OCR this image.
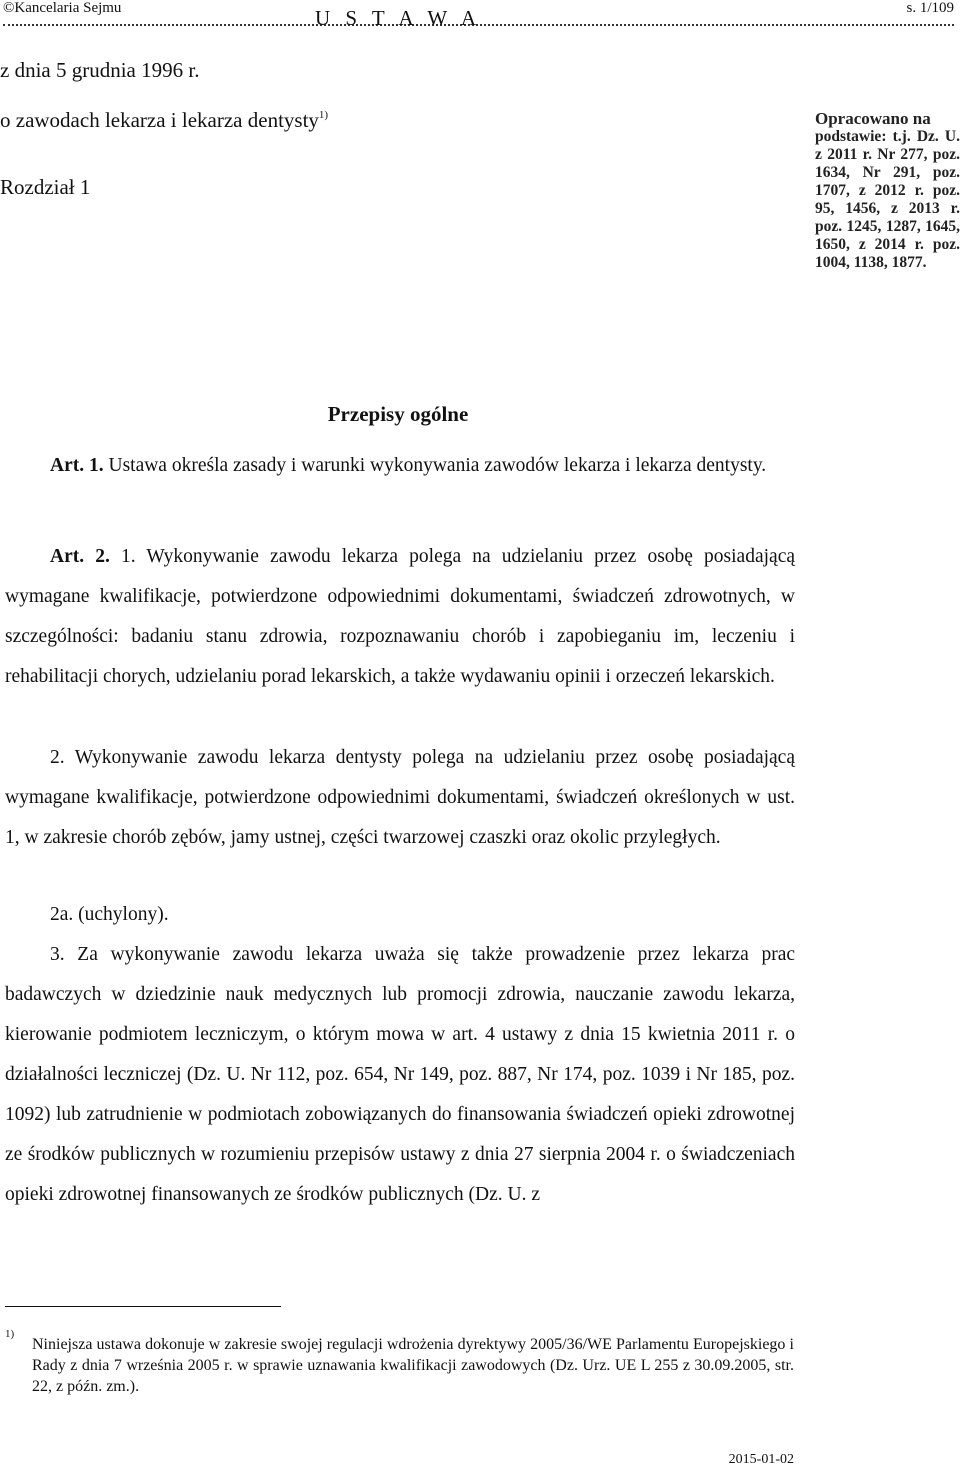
©Kancelaria Sejmu	s. 1/109
U S T A W A
z dnia 5 grudnia 1996 r.
o zawodach lekarza i lekarza dentysty$^{1)}$
Rozdział 1
Opracowano na
podstawie: t.j. Dz. U. z 2011 r. Nr 277, poz. 1634, Nr 291, poz. 1707, z 2012 r. poz. 95, 1456, z 2013 r. poz. 1245, 1287, 1645, 1650, z 2014 r. poz. 1004, 1138, 1877.
Przepisy ogólne

Art. 1. Ustawa określa zasady i warunki wykonywania zawodów lekarza i lekarza dentysty.

Art. 2. 1. Wykonywanie zawodu lekarza polega na udzielaniu przez osobę posiadającą wymagane kwalifikacje, potwierdzone odpowiednimi dokumentami, świadczeń zdrowotnych, w szczególności: badaniu stanu zdrowia, rozpoznawaniu chorób i zapobieganiu im, leczeniu i rehabilitacji chorych, udzielaniu porad lekarskich, a także wydawaniu opinii i orzeczeń lekarskich.

2. Wykonywanie zawodu lekarza dentysty polega na udzielaniu przez osobę posiadającą wymagane kwalifikacje, potwierdzone odpowiednimi dokumentami, świadczeń określonych w ust. 1, w zakresie chorób zębów, jamy ustnej, części twarzowej czaszki oraz okolic przyległych.

2a. (uchylony).

3. Za wykonywanie zawodu lekarza uważa się także prowadzenie przez lekarza prac badawczych w dziedzinie nauk medycznych lub promocji zdrowia, nauczanie zawodu lekarza, kierowanie podmiotem leczniczym, o którym mowa w art. 4 ustawy z dnia 15 kwietnia 2011 r. o działalności leczniczej (Dz. U. Nr 112, poz. 654, Nr 149, poz. 887, Nr 174, poz. 1039 i Nr 185, poz. 1092) lub zatrudnienie w podmiotach zobowiązanych do finansowania świadczeń opieki zdrowotnej ze środków publicznych w rozumieniu przepisów ustawy z dnia 27 sierpnia 2004 r. o świadczeniach opieki zdrowotnej finansowanych ze środków publicznych (Dz. U. z

1)

Niniejsza ustawa dokonuje w zakresie swojej regulacji wdrożenia dyrektywy 2005/36/WE Parlamentu Europejskiego i Rady z dnia 7 września 2005 r. w sprawie uznawania kwalifikacji zawodowych (Dz. Urz. UE L 255 z 30.09.2005, str. 22, z późn. zm.).

2015-01-02
